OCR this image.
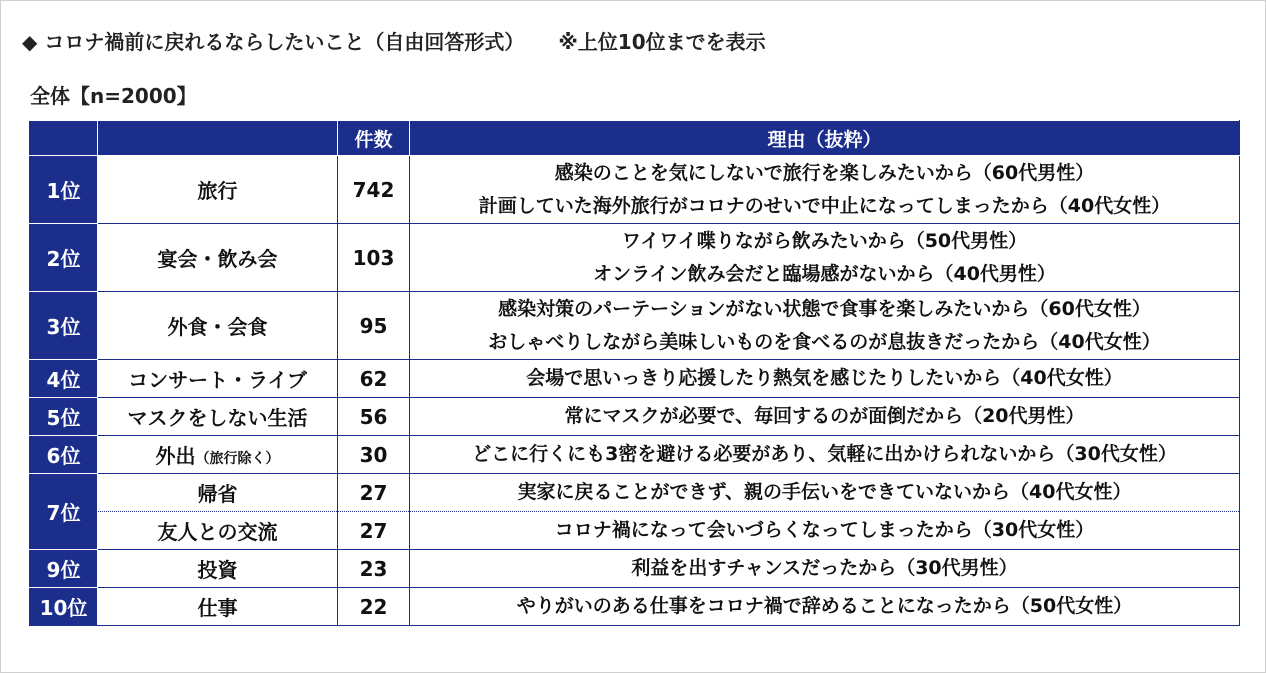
◆ コロナ禍前に戻れるならしたいこと（自由回答形式） ※上位10位までを表示
全体【n=2000】
		件数	理由（抜粋）
1位	旅行	742	感染のことを気にしないで旅行を楽しみたいから（60代男性）
計画していた海外旅行がコロナのせいで中止になってしまったから（40代女性）

2位	宴会・飲み会	103	ワイワイ喋りながら飲みたいから（50代男性）
オンライン飲み会だと臨場感がないから（40代男性）

3位	外食・会食	95	感染対策のパーテーションがない状態で食事を楽しみたいから（60代女性）
おしゃべりしながら美味しいものを食べるのが息抜きだったから（40代女性）

4位	コンサート・ライブ	62	会場で思いっきり応援したり熱気を感じたりしたいから（40代女性）

5位	マスクをしない生活	56	常にマスクが必要で、毎回するのが面倒だから（20代男性）

6位	外出（旅行除く）	30	どこに行くにも3密を避ける必要があり、気軽に出かけられないから（30代女性）

7位	帰省	27	実家に戻ることができず、親の手伝いをできていないから（40代女性）

	友人との交流	27	コロナ禍になって会いづらくなってしまったから（30代女性）

9位	投資	23	利益を出すチャンスだったから（30代男性）

10位	仕事	22	やりがいのある仕事をコロナ禍で辞めることになったから（50代女性）
